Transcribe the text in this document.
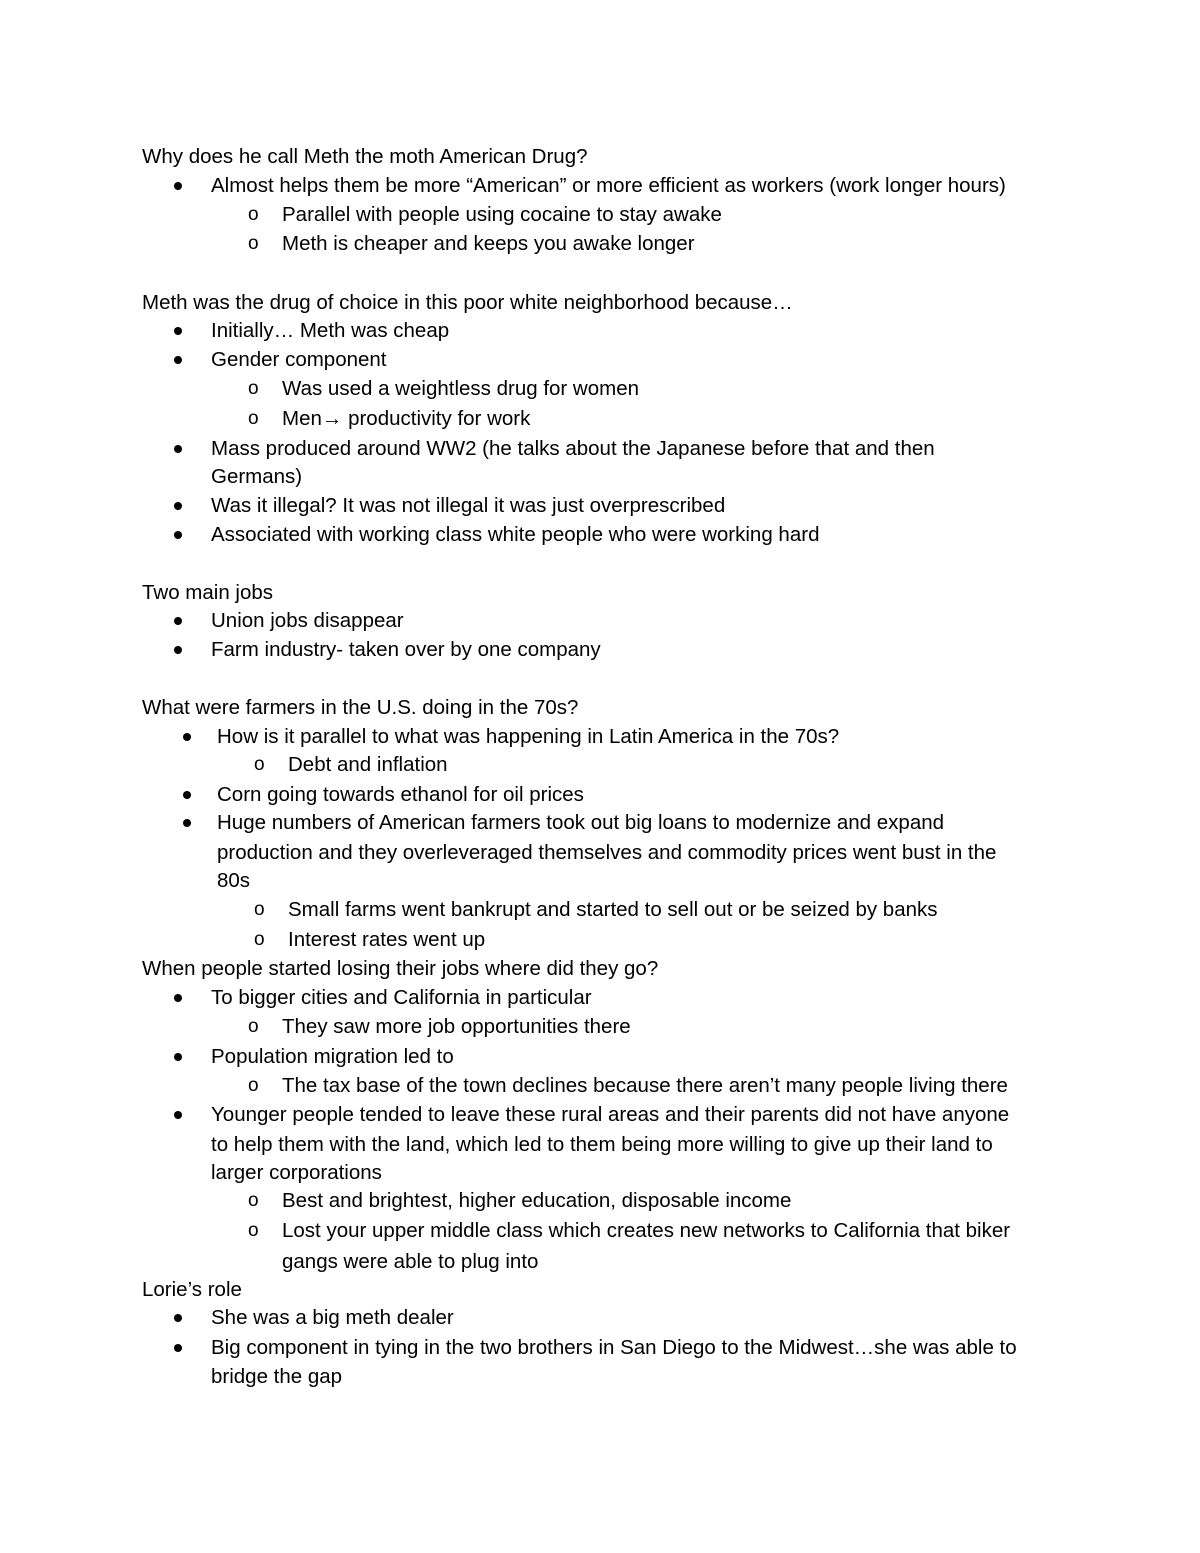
Why does he call Meth the moth American Drug?
Almost helps them be more “American” or more efficient as workers (work longer hours)
o Parallel with people using cocaine to stay awake
o Meth is cheaper and keeps you awake longer
Meth was the drug of choice in this poor white neighborhood because…
Initially… Meth was cheap
Gender component
o Was used a weightless drug for women
o Men→ productivity for work
Mass produced around WW2 (he talks about the Japanese before that and then
Germans)
Was it illegal? It was not illegal it was just overprescribed
Associated with working class white people who were working hard
Two main jobs
Union jobs disappear
Farm industry- taken over by one company
What were farmers in the U.S. doing in the 70s?
How is it parallel to what was happening in Latin America in the 70s?
o Debt and inflation
Corn going towards ethanol for oil prices
Huge numbers of American farmers took out big loans to modernize and expand
production and they overleveraged themselves and commodity prices went bust in the
80s
o Small farms went bankrupt and started to sell out or be seized by banks
o Interest rates went up
When people started losing their jobs where did they go?
To bigger cities and California in particular
o They saw more job opportunities there
Population migration led to
o The tax base of the town declines because there aren’t many people living there
Younger people tended to leave these rural areas and their parents did not have anyone
to help them with the land, which led to them being more willing to give up their land to
larger corporations
o Best and brightest, higher education, disposable income
o Lost your upper middle class which creates new networks to California that biker
gangs were able to plug into
Lorie’s role
She was a big meth dealer
Big component in tying in the two brothers in San Diego to the Midwest…she was able to
bridge the gap
